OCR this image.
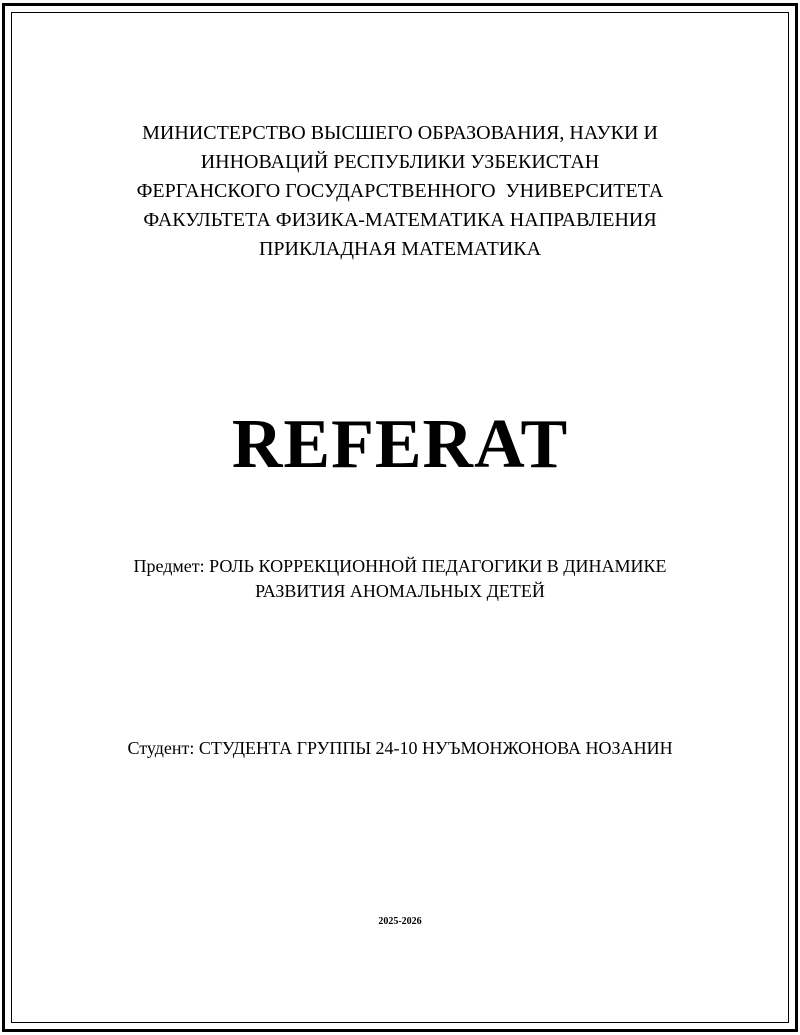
МИНИСТЕРСТВО ВЫСШЕГО ОБРАЗОВАНИЯ, НАУКИ И
ИННОВАЦИЙ РЕСПУБЛИКИ УЗБЕКИСТАН
ФЕРГАНСКОГО ГОСУДАРСТВЕННОГО  УНИВЕРСИТЕТА
ФАКУЛЬТЕТА ФИЗИКА-МАТЕМАТИКА НАПРАВЛЕНИЯ
ПРИКЛАДНАЯ МАТЕМАТИКА
REFERAT
Предмет: РОЛЬ КОРРЕКЦИОННОЙ ПЕДАГОГИКИ В ДИНАМИКЕ
РАЗВИТИЯ АНОМАЛЬНЫХ ДЕТЕЙ
Студент: СТУДЕНТА ГРУППЫ 24-10 НУЪМОНЖОНОВА НОЗАНИН
2025-2026
